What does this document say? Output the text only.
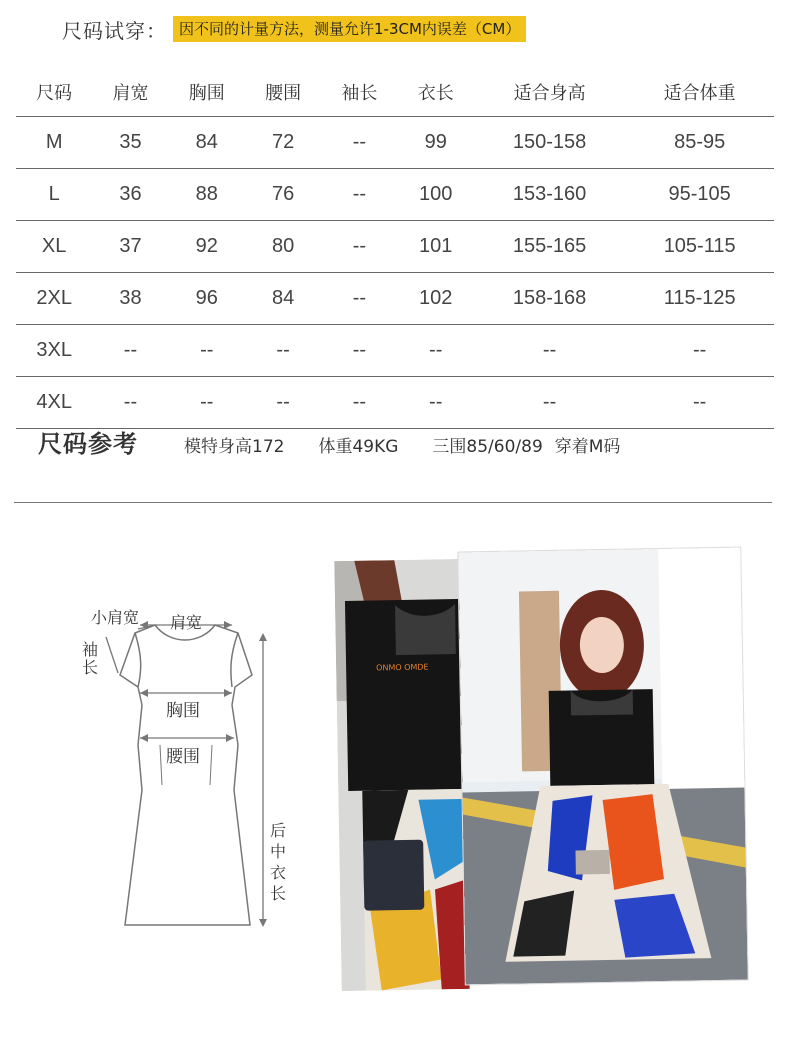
尺码试穿： 因不同的计量方法，测量允许1-3CM内误差（CM）
尺码	肩宽	胸围	腰围	袖长	衣长	适合身高	适合体重
M	35	84	72	--	99	150-158	85-95
L	36	88	76	--	100	153-160	95-105
XL	37	92	80	--	101	155-165	105-115
2XL	38	96	84	--	102	158-168	115-125
3XL	--	--	--	--	--	--	--
4XL	--	--	--	--	--	--	--
尺码参考	模特身高172 体重49KG 三围85/60/89 穿着M码
小肩宽 肩宽
袖长
胸围
腰围
后中衣长
ONMO OMDE
